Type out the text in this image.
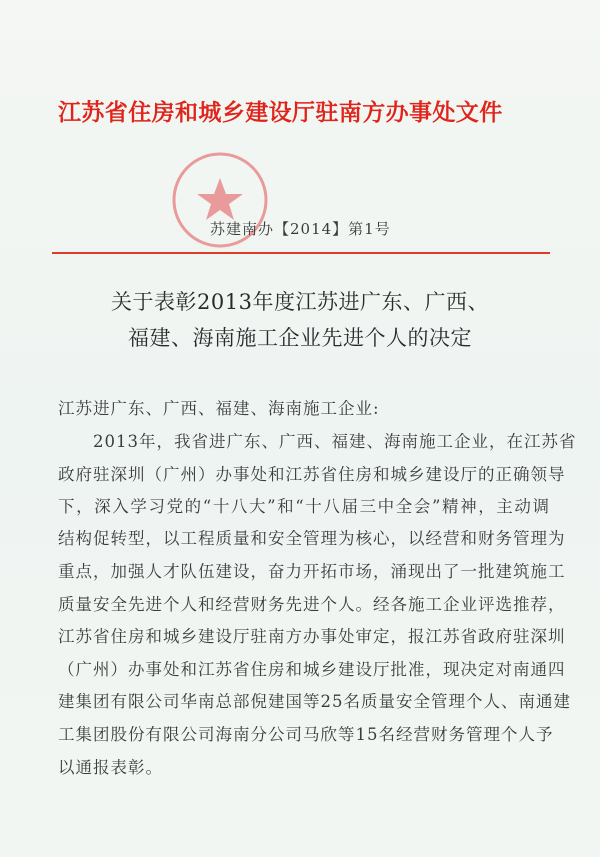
江苏省住房和城乡建设厅驻南方办事处文件
苏建南办【2014】第1号
关于表彰2013年度江苏进广东、广西、
福建、海南施工企业先进个人的决定
江苏进广东、广西、福建、海南施工企业:
　　2013年，我省进广东、广西、福建、海南施工企业，在江苏省
政府驻深圳（广州）办事处和江苏省住房和城乡建设厅的正确领导
下，深入学习党的“十八大”和“十八届三中全会”精神，主动调
结构促转型，以工程质量和安全管理为核心，以经营和财务管理为
重点，加强人才队伍建设，奋力开拓市场，涌现出了一批建筑施工
质量安全先进个人和经营财务先进个人。经各施工企业评选推荐，
江苏省住房和城乡建设厅驻南方办事处审定，报江苏省政府驻深圳
（广州）办事处和江苏省住房和城乡建设厅批准，现决定对南通四
建集团有限公司华南总部倪建国等25名质量安全管理个人、南通建
工集团股份有限公司海南分公司马欣等15名经营财务管理个人予
以通报表彰。
